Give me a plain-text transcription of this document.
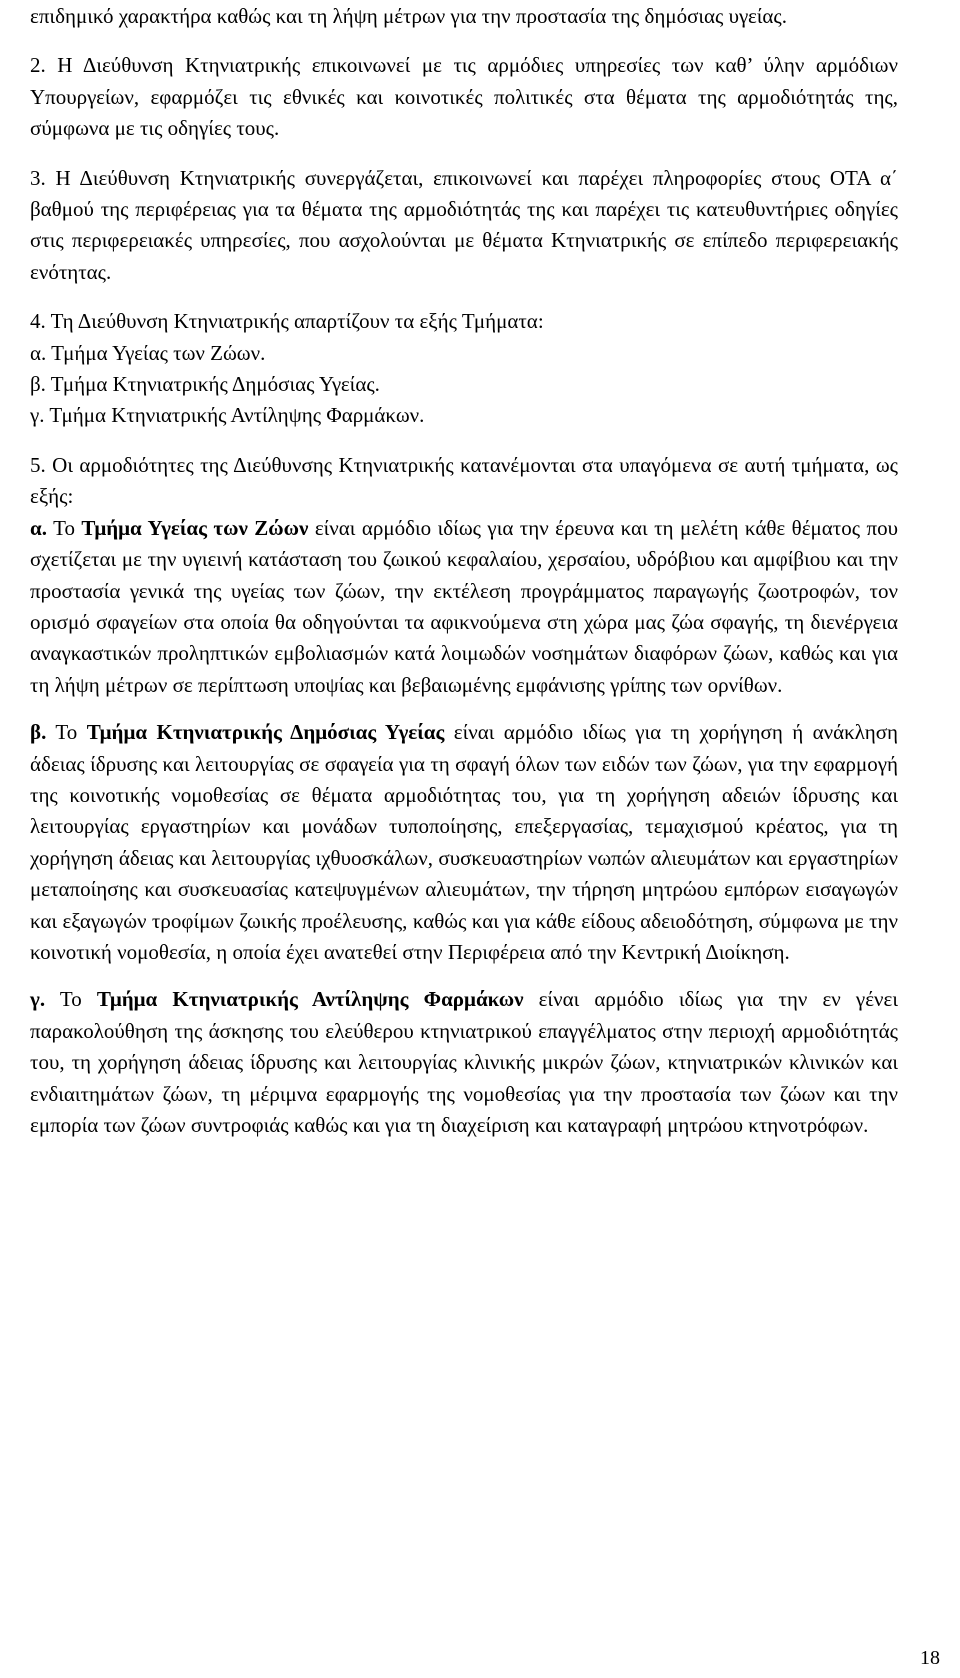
επιδημικό χαρακτήρα καθώς και τη λήψη μέτρων για την προστασία της δημόσιας υγείας.

2. Η Διεύθυνση Κτηνιατρικής επικοινωνεί με τις αρμόδιες υπηρεσίες των καθ’ ύλην αρμόδιων Υπουργείων, εφαρμόζει τις εθνικές και κοινοτικές πολιτικές στα θέματα της αρμοδιότητάς της, σύμφωνα με τις οδηγίες τους.

3. Η Διεύθυνση Κτηνιατρικής συνεργάζεται, επικοινωνεί και παρέχει πληροφορίες στους ΟΤΑ α΄ βαθμού της περιφέρειας για τα θέματα της αρμοδιότητάς της και παρέχει τις κατευθυντήριες οδηγίες στις περιφερειακές υπηρεσίες, που ασχολούνται με θέματα Κτηνιατρικής σε επίπεδο περιφερειακής ενότητας.

4. Τη Διεύθυνση Κτηνιατρικής απαρτίζουν τα εξής Τμήματα:

α. Τμήμα Υγείας των Ζώων.

β. Τμήμα Κτηνιατρικής Δημόσιας Υγείας.

γ. Τμήμα Κτηνιατρικής Αντίληψης Φαρμάκων.

5. Οι αρμοδιότητες της Διεύθυνσης Κτηνιατρικής κατανέμονται στα υπαγόμενα σε αυτή τμήματα, ως εξής:

α. Το Τμήμα Υγείας των Ζώων είναι αρμόδιο ιδίως για την έρευνα και τη μελέτη κάθε θέματος που σχετίζεται με την υγιεινή κατάσταση του ζωικού κεφαλαίου, χερσαίου, υδρόβιου και αμφίβιου και την προστασία γενικά της υγείας των ζώων, την εκτέλεση προγράμματος παραγωγής ζωοτροφών, τον ορισμό σφαγείων στα οποία θα οδηγούνται τα αφικνούμενα στη χώρα μας ζώα σφαγής, τη διενέργεια αναγκαστικών προληπτικών εμβολιασμών κατά λοιμωδών νοσημάτων διαφόρων ζώων, καθώς και για τη λήψη μέτρων σε περίπτωση υποψίας και βεβαιωμένης εμφάνισης γρίπης των ορνίθων.

β. Το Τμήμα Κτηνιατρικής Δημόσιας Υγείας είναι αρμόδιο ιδίως για τη χορήγηση ή ανάκληση άδειας ίδρυσης και λειτουργίας σε σφαγεία για τη σφαγή όλων των ειδών των ζώων, για την εφαρμογή της κοινοτικής νομοθεσίας σε θέματα αρμοδιότητας του, για τη χορήγηση αδειών ίδρυσης και λειτουργίας εργαστηρίων και μονάδων τυποποίησης, επεξεργασίας, τεμαχισμού κρέατος, για τη χορήγηση άδειας και λειτουργίας ιχθυοσκάλων, συσκευαστηρίων νωπών αλιευμάτων και εργαστηρίων μεταποίησης και συσκευασίας κατεψυγμένων αλιευμάτων, την τήρηση μητρώου εμπόρων εισαγωγών και εξαγωγών τροφίμων ζωικής προέλευσης, καθώς και για κάθε είδους αδειοδότηση, σύμφωνα με την κοινοτική νομοθεσία, η οποία έχει ανατεθεί στην Περιφέρεια από την Κεντρική Διοίκηση.

γ. Το Τμήμα Κτηνιατρικής Αντίληψης Φαρμάκων είναι αρμόδιο ιδίως για την εν γένει παρακολούθηση της άσκησης του ελεύθερου κτηνιατρικού επαγγέλματος στην περιοχή αρμοδιότητάς του, τη χορήγηση άδειας ίδρυσης και λειτουργίας κλινικής μικρών ζώων, κτηνιατρικών κλινικών και ενδιαιτημάτων ζώων, τη μέριμνα εφαρμογής της νομοθεσίας για την προστασία των ζώων και την εμπορία των ζώων συντροφιάς καθώς και για τη διαχείριση και καταγραφή μητρώου κτηνοτρόφων.

18
